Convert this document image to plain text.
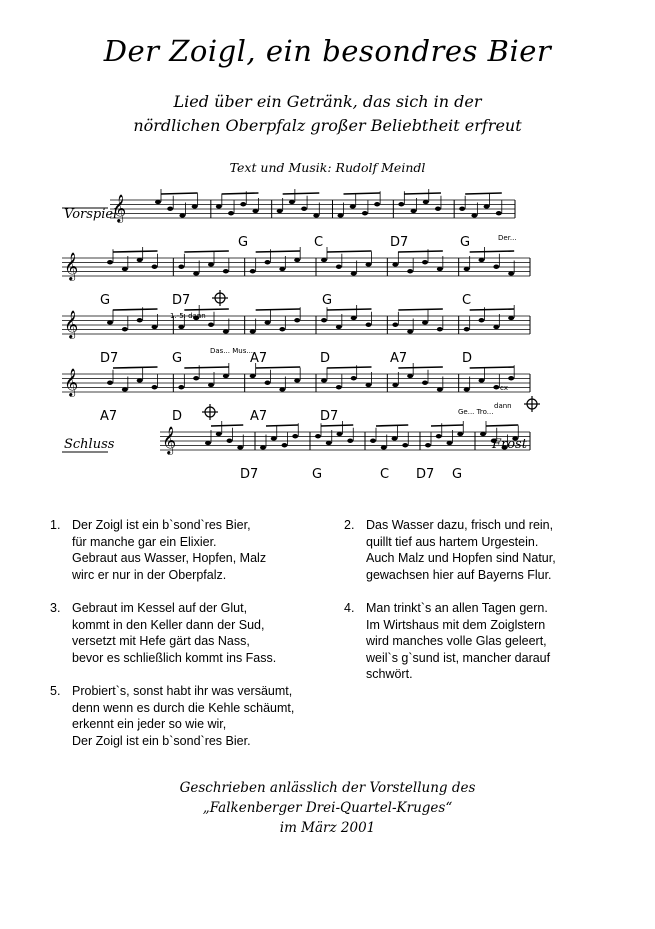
Der Zoigl, ein besondres Bier
Lied über ein Getränk, das sich in der
nördlichen Oberpfalz großer Beliebtheit erfreut
Text und Musik: Rudolf Meindl
𝄞
𝄞
𝄞
𝄞
𝄞
Vorspiel
Schluss	Frost
Der...
Das... Mus...
1.-5. dann
Ge... Tro...
dann
cx
G	C	D7	G
G	D7	G	C
D7	G	A7	D	A7	D
A7	D	A7	D7
D7	G	C D7 G
1. Der Zoigl ist ein b`sond`res Bier,
für manche gar ein Elixier.
Gebraut aus Wasser, Hopfen, Malz
wirc er nur in der Oberpfalz.
2. Das Wasser dazu, frisch und rein,
quillt tief aus hartem Urgestein.
Auch Malz und Hopfen sind Natur,
gewachsen hier auf Bayerns Flur.
3. Gebraut im Kessel auf der Glut,
kommt in den Keller dann der Sud,
versetzt mit Hefe gärt das Nass,
bevor es schließlich kommt ins Fass.
4. Man trinkt`s an allen Tagen gern.
Im Wirtshaus mit dem Zoiglstern
wird manches volle Glas geleert,
weil`s g`sund ist, mancher darauf
schwört.
5. Probiert`s, sonst habt ihr was versäumt,
denn wenn es durch die Kehle schäumt,
erkennt ein jeder so wie wir,
Der Zoigl ist ein b`sond`res Bier.
Geschrieben anlässlich der Vorstellung des
„Falkenberger Drei-Quartel-Kruges“
im März 2001
